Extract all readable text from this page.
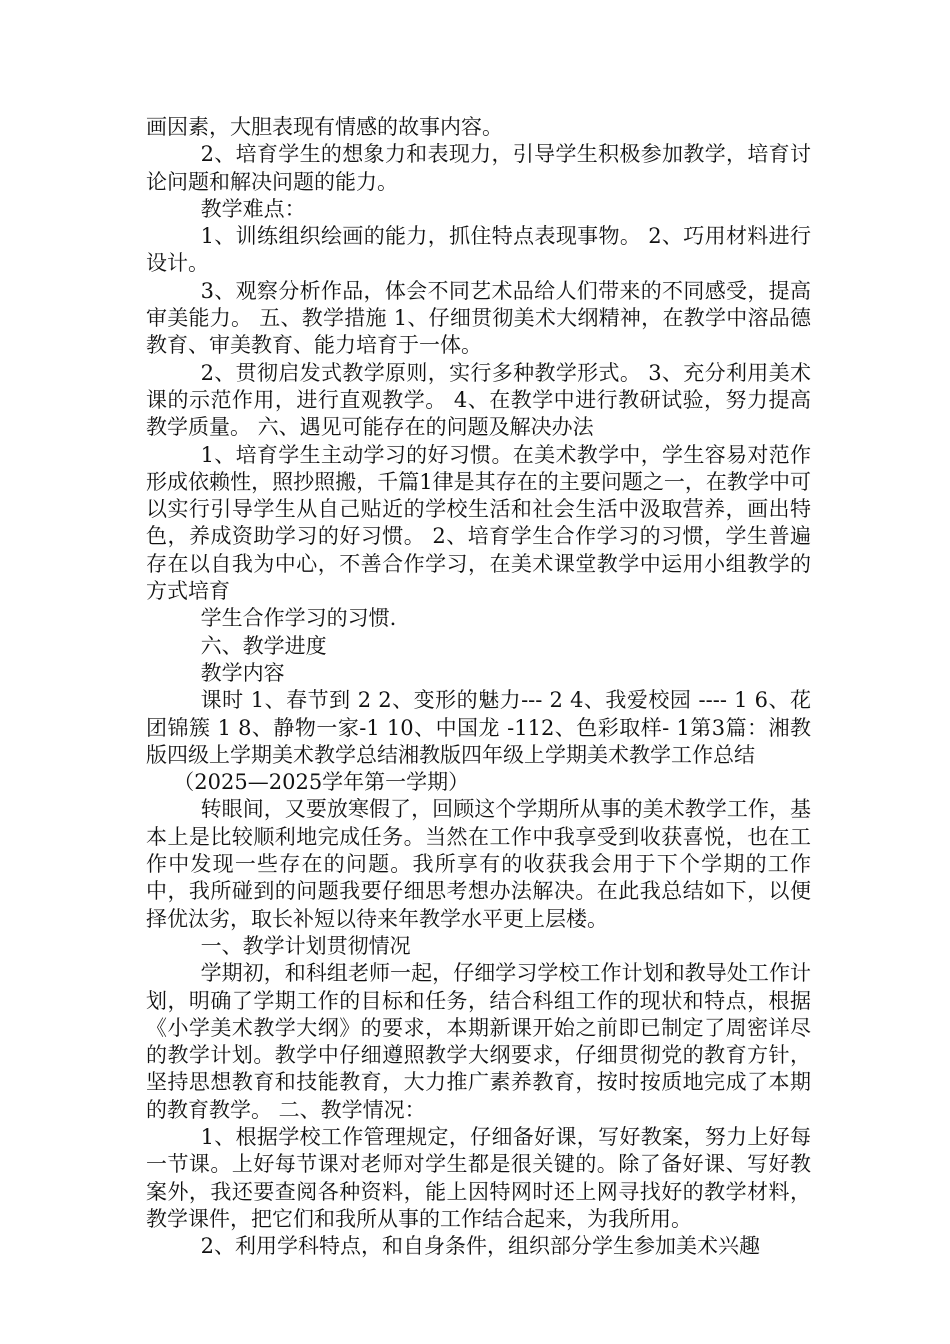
画因素，大胆表现有情感的故事内容。

2、培育学生的想象力和表现力，引导学生积极参加教学，培育讨论问题和解决问题的能力。

教学难点：

1、训练组织绘画的能力，抓住特点表现事物。 2、巧用材料进行设计。

3、观察分析作品，体会不同艺术品给人们带来的不同感受，提高审美能力。 五、教学措施 1、仔细贯彻美术大纲精神，在教学中溶品德教育、审美教育、能力培育于一体。

2、贯彻启发式教学原则，实行多种教学形式。 3、充分利用美术课的示范作用，进行直观教学。 4、在教学中进行教研试验，努力提高教学质量。 六、遇见可能存在的问题及解决办法

1、培育学生主动学习的好习惯。在美术教学中，学生容易对范作形成依赖性，照抄照搬，千篇1律是其存在的主要问题之一，在教学中可以实行引导学生从自己贴近的学校生活和社会生活中汲取营养，画出特色，养成资助学习的好习惯。 2、培育学生合作学习的习惯，学生普遍存在以自我为中心，不善合作学习，在美术课堂教学中运用小组教学的方式培育

学生合作学习的习惯.

六、教学进度

教学内容

课时 1、春节到 2 2、变形的魅力--- 2 4、我爱校园 ---- 1 6、花团锦簇 1 8、静物一家-1 10、中国龙 -112、色彩取样- 1第3篇：湘教版四级上学期美术教学总结湘教版四年级上学期美术教学工作总结

（2025—2025学年第一学期）

转眼间，又要放寒假了，回顾这个学期所从事的美术教学工作，基本上是比较顺利地完成任务。当然在工作中我享受到收获喜悦，也在工作中发现一些存在的问题。我所享有的收获我会用于下个学期的工作中，我所碰到的问题我要仔细思考想办法解决。在此我总结如下，以便择优汰劣，取长补短以待来年教学水平更上层楼。

一、教学计划贯彻情况

学期初，和科组老师一起，仔细学习学校工作计划和教导处工作计划，明确了学期工作的目标和任务，结合科组工作的现状和特点，根据《小学美术教学大纲》的要求，本期新课开始之前即已制定了周密详尽的教学计划。教学中仔细遵照教学大纲要求，仔细贯彻党的教育方针，坚持思想教育和技能教育，大力推广素养教育，按时按质地完成了本期的教育教学。 二、教学情况：

1、根据学校工作管理规定，仔细备好课，写好教案，努力上好每一节课。上好每节课对老师对学生都是很关键的。除了备好课、写好教案外，我还要查阅各种资料，能上因特网时还上网寻找好的教学材料，教学课件，把它们和我所从事的工作结合起来，为我所用。

2、利用学科特点，和自身条件，组织部分学生参加美术兴趣
